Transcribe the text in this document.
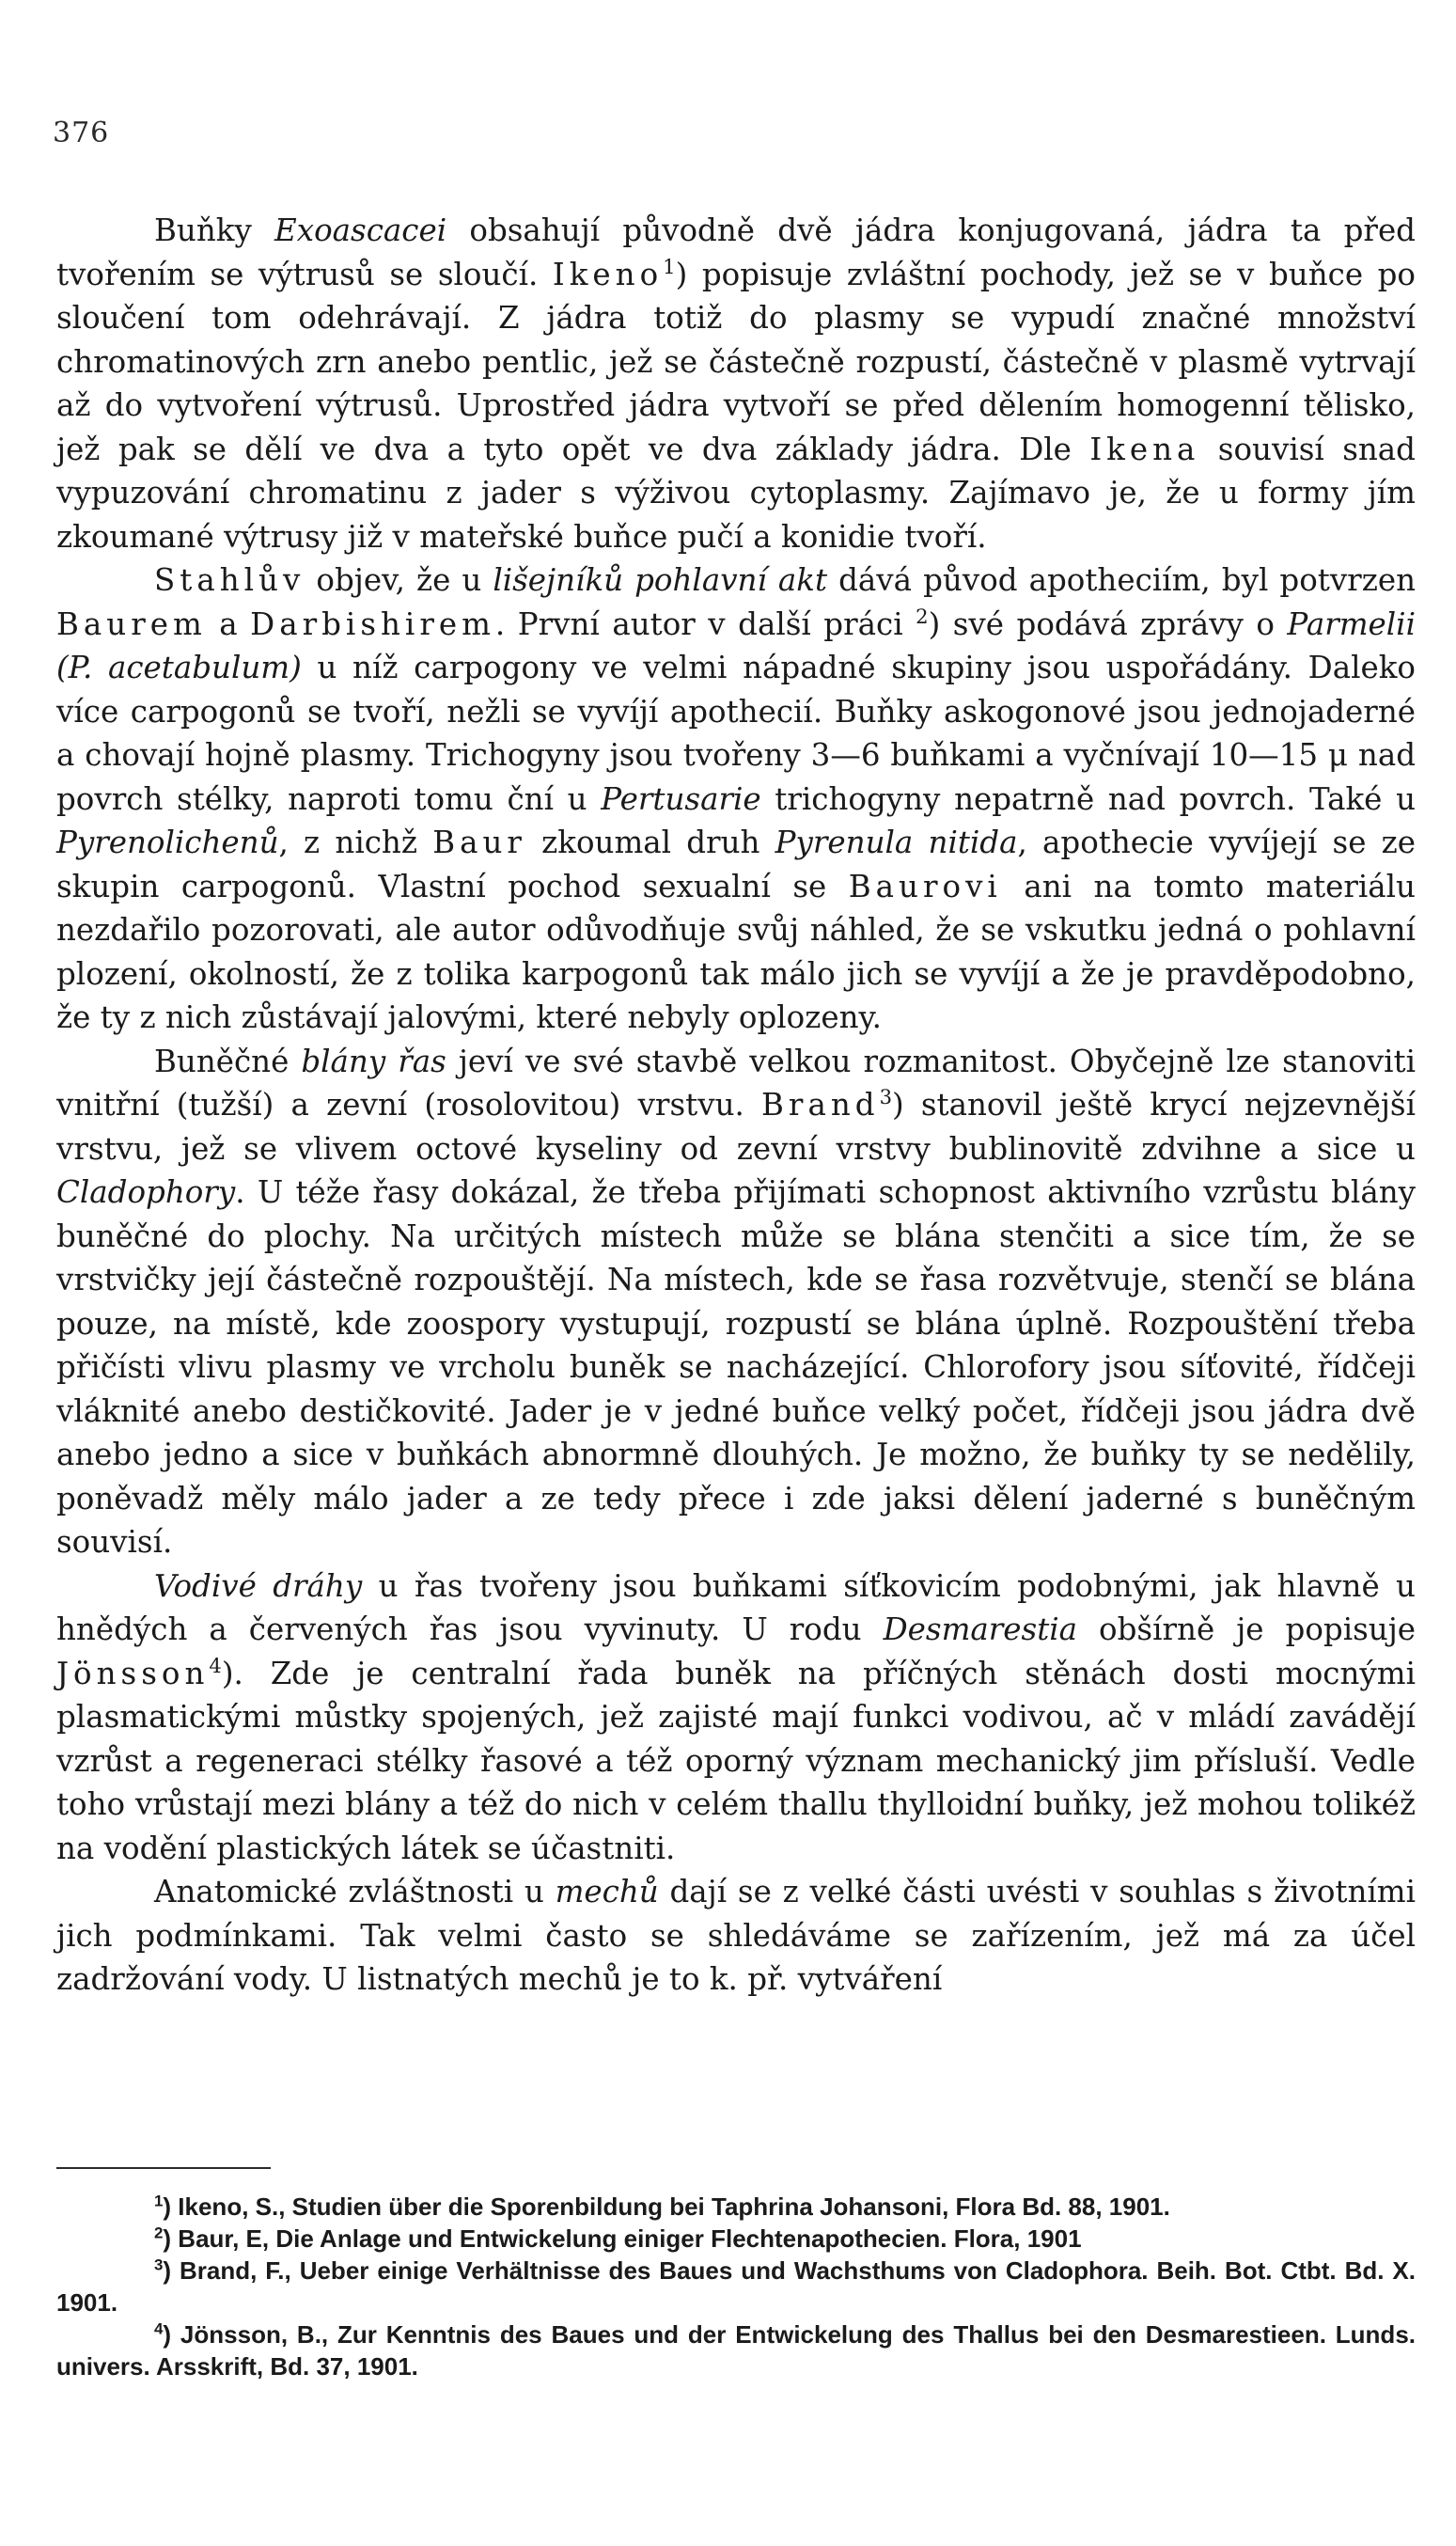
376

Buňky Exoascacei obsahují původně dvě jádra konjugovaná, jádra ta před tvořením se výtrusů se sloučí. Ikeno$^1$) popisuje zvláštní pochody, jež se v buňce po sloučení tom odehrávají. Z jádra totiž do plasmy se vypudí značné množství chromatinových zrn anebo pentlic, jež se částečně rozpustí, částečně v plasmě vytrvají až do vytvoření výtrusů. Uprostřed jádra vytvoří se před dělením homogenní tělisko, jež pak se dělí ve dva a tyto opět ve dva základy jádra. Dle Ikena souvisí snad vypuzování chromatinu z jader s výživou cytoplasmy. Zajímavo je, že u formy jím zkoumané výtrusy již v mateřské buňce pučí a konidie tvoří.

Stahlův objev, že u lišejníků pohlavní akt dává původ apotheciím, byl potvrzen Baurem a Darbishirem. První autor v další práci $^2$) své podává zprávy o Parmelii (P. acetabulum) u níž carpogony ve velmi nápadné skupiny jsou uspořádány. Daleko více carpogonů se tvoří, nežli se vyvíjí apothecií. Buňky askogonové jsou jednojaderné a chovají hojně plasmy. Trichogyny jsou tvořeny 3—6 buňkami a vyčnívají 10—15 μ nad povrch stélky, naproti tomu ční u Pertusarie trichogyny nepatrně nad povrch. Také u Pyrenolichenů, z nichž Baur zkoumal druh Pyrenula nitida, apothecie vyvíjejí se ze skupin carpogonů. Vlastní pochod sexualní se Baurovi ani na tomto materiálu nezdařilo pozorovati, ale autor odůvodňuje svůj náhled, že se vskutku jedná o pohlavní plození, okolností, že z tolika karpogonů tak málo jich se vyvíjí a že je pravděpodobno, že ty z nich zůstávají jalovými, které nebyly oplozeny.

Buněčné blány řas jeví ve své stavbě velkou rozmanitost. Obyčejně lze stanoviti vnitřní (tužší) a zevní (rosolovitou) vrstvu. Brand$^3$) stanovil ještě krycí nejzevnější vrstvu, jež se vlivem octové kyseliny od zevní vrstvy bublinovitě zdvihne a sice u Cladophory. U téže řasy dokázal, že třeba přijímati schopnost aktivního vzrůstu blány buněčné do plochy. Na určitých místech může se blána stenčiti a sice tím, že se vrstvičky její částečně rozpouštějí. Na místech, kde se řasa rozvětvuje, stenčí se blána pouze, na místě, kde zoospory vystupují, rozpustí se blána úplně. Rozpouštění třeba přičísti vlivu plasmy ve vrcholu buněk se nacházející. Chlorofory jsou síťovité, řídčeji vláknité anebo destičkovité. Jader je v jedné buňce velký počet, řídčeji jsou jádra dvě anebo jedno a sice v buňkách abnormně dlouhých. Je možno, že buňky ty se nedělily, poněvadž měly málo jader a ze tedy přece i zde jaksi dělení jaderné s buněčným souvisí.

Vodivé dráhy u řas tvořeny jsou buňkami síťkovicím podobnými, jak hlavně u hnědých a červených řas jsou vyvinuty. U rodu Desmarestia obšírně je popisuje Jönsson$^4$). Zde je centralní řada buněk na příčných stěnách dosti mocnými plasmatickými můstky spojených, jež zajisté mají funkci vodivou, ač v mládí zavádějí vzrůst a regeneraci stélky řasové a též oporný význam mechanický jim přísluší. Vedle toho vrůstají mezi blány a též do nich v celém thallu thylloidní buňky, jež mohou tolikéž na vodění plastických látek se účastniti.

Anatomické zvláštnosti u mechů dají se z velké části uvésti v souhlas s životními jich podmínkami. Tak velmi často se shledáváme se zařízením, jež má za účel zadržování vody. U listnatých mechů je to k. př. vytváření

$^1$) Ikeno, S., Studien über die Sporenbildung bei Taphrina Johansoni, Flora Bd. 88, 1901.

$^2$) Baur, E, Die Anlage und Entwickelung einiger Flechtenapothecien. Flora, 1901

$^3$) Brand, F., Ueber einige Verhältnisse des Baues und Wachsthums von Cladophora. Beih. Bot. Ctbt. Bd. X. 1901.

$^4$) Jönsson, B., Zur Kenntnis des Baues und der Entwickelung des Thallus bei den Desmarestieen. Lunds. univers. Arsskrift, Bd. 37, 1901.
